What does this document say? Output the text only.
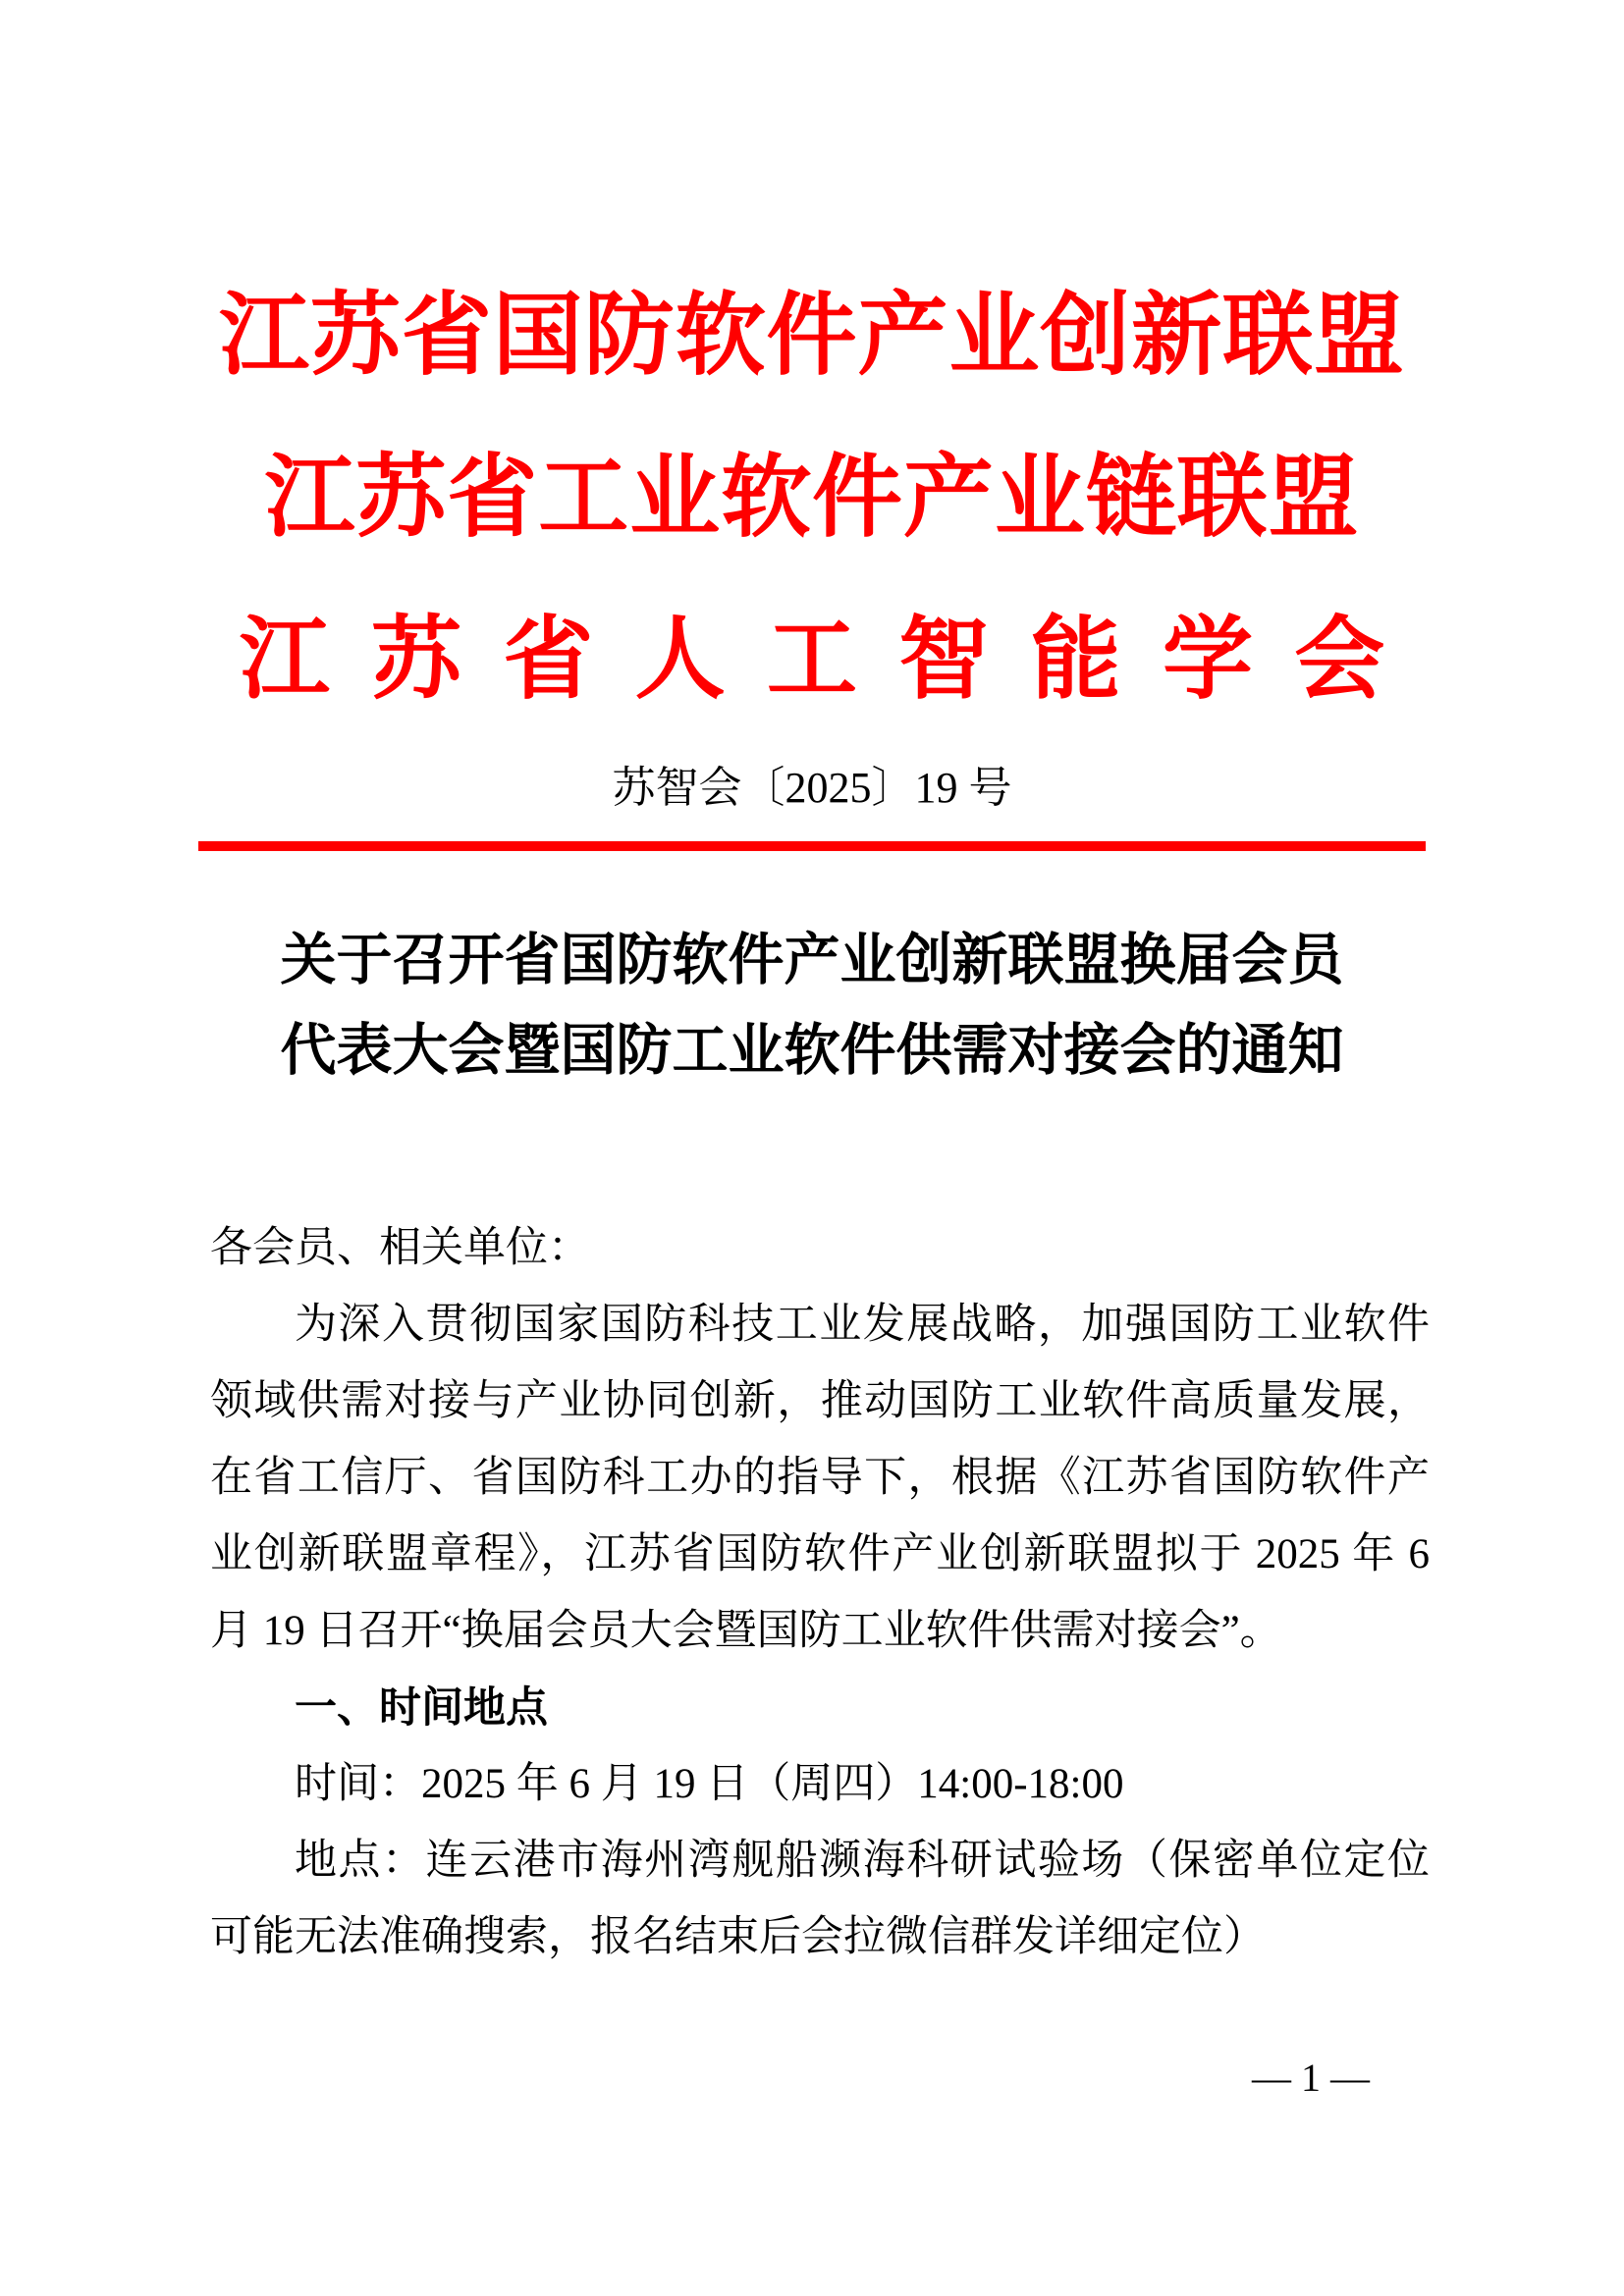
江苏省国防软件产业创新联盟
江苏省工业软件产业链联盟
江苏省人工智能学会
苏智会〔2025〕19 号
关于召开省国防软件产业创新联盟换届会员
代表大会暨国防工业软件供需对接会的通知

各会员、相关单位：

为深入贯彻国家国防科技工业发展战略，加强国防工业软件领域供需对接与产业协同创新，推动国防工业软件高质量发展，在省工信厅、省国防科工办的指导下，根据《江苏省国防软件产业创新联盟章程》，江苏省国防软件产业创新联盟拟于 2025 年 6 月 19 日召开“换届会员大会暨国防工业软件供需对接会”。

一、时间地点

时间：2025 年 6 月 19 日（周四）14:00-18:00

地点：连云港市海州湾舰船濒海科研试验场（保密单位定位可能无法准确搜索，报名结束后会拉微信群发详细定位）

— 1 —
